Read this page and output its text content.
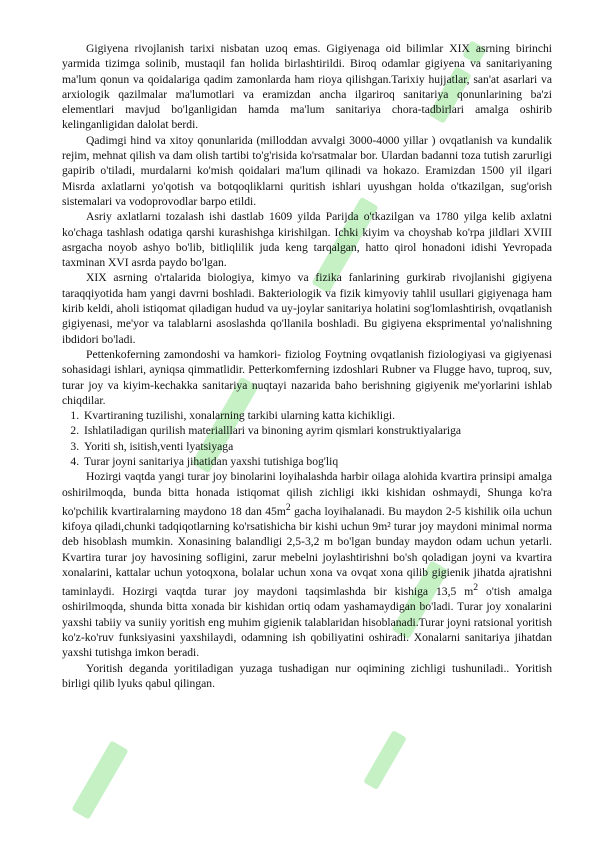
Gigiyena rivojlanish tarixi nisbatan uzoq emas. Gigiyenaga oid bilimlar XIX asrning birinchi yarmida tizimga solinib, mustaqil fan holida birlashtirildi. Biroq odamlar gigiyena va sanitariyaning ma'lum qonun va qoidalariga qadim zamonlarda ham rioya qilishgan.Tarixiy hujjatlar, san'at asarlari va arxiologik qazilmalar ma'lumotlari va eramizdan ancha ilgariroq sanitariya qonunlarining ba'zi elementlari mavjud bo'lganligidan hamda ma'lum sanitariya chora-tadbirlari amalga oshirib kelinganligidan dalolat berdi.

Qadimgi hind va xitoy qonunlarida (milloddan avvalgi 3000-4000 yillar ) ovqatlanish va kundalik rejim, mehnat qilish va dam olish tartibi to'g'risida ko'rsatmalar bor. Ulardan badanni toza tutish zarurligi gapirib o'tiladi, murdalarni ko'mish qoidalari ma'lum qilinadi va hokazo. Eramizdan 1500 yil ilgari Misrda axlatlarni yo'qotish va botqoqliklarni quritish ishlari uyushgan holda o'tkazilgan, sug'orish sistemalari va vodoprovodlar barpo etildi.

Asriy axlatlarni tozalash ishi dastlab 1609 yilda Parijda o'tkazilgan va 1780 yilga kelib axlatni ko'chaga tashlash odatiga qarshi kurashishga kirishilgan. Ichki kiyim va choyshab ko'rpa jildlari XVIII asrgacha noyob ashyo bo'lib, bitliqlilik juda keng tarqalgan, hatto qirol honadoni idishi Yevropada taxminan XVI asrda paydo bo'lgan.

XIX asrning o'rtalarida biologiya, kimyo va fizika fanlarining gurkirab rivojlanishi gigiyena taraqqiyotida ham yangi davrni boshladi. Bakteriologik va fizik kimyoviy tahlil usullari gigiyenaga ham kirib keldi, aholi istiqomat qiladigan hudud va uy-joylar sanitariya holatini sog'lomlashtirish, ovqatlanish gigiyenasi, me'yor va talablarni asoslashda qo'llanila boshladi. Bu gigiyena eksprimental yo'nalishning ibdidori bo'ladi.

Pettenkoferning zamondoshi va hamkori- fiziolog Foytning ovqatlanish fiziologiyasi va gigiyenasi sohasidagi ishlari, ayniqsa qimmatlidir. Petterkomferning izdoshlari Rubner va Flugge havo, tuproq, suv, turar joy va kiyim-kechakka sanitariya nuqtayi nazarida baho berishning gigiyenik me'yorlarini ishlab chiqdilar.

1. Kvartiraning tuzilishi, xonalarning tarkibi ularning katta kichikligi.
2. Ishlatiladigan qurilish materialllari va binoning ayrim qismlari konstruktiyalariga
3. Yoriti sh, isitish,venti lyatsiyaga
4. Turar joyni sanitariya jihatidan yaxshi tutishiga bog'liq

Hozirgi vaqtda yangi turar joy binolarini loyihalashda harbir oilaga alohida kvartira prinsipi amalga oshirilmoqda, bunda bitta honada istiqomat qilish zichligi ikki kishidan oshmaydi, Shunga ko'ra ko'pchilik kvartiralarning maydono 18 dan $45m^2$ gacha loyihalanadi. Bu maydon 2-5 kishilik oila uchun kifoya qiladi,chunki tadqiqotlarning ko'rsatishicha bir kishi uchun 9m² turar joy maydoni minimal norma deb hisoblash mumkin. Xonasining balandligi 2,5-3,2 m bo'lgan bunday maydon odam uchun yetarli. Kvartira turar joy havosining sofligini, zarur mebelni joylashtirishni bo'sh qoladigan joyni va kvartira xonalarini, kattalar uchun yotoqxona, bolalar uchun xona va ovqat xona qilib gigienik jihatda ajratishni taminlaydi. Hozirgi vaqtda turar joy maydoni taqsimlashda bir kishiga 13,5 $m^2$ o'tish amalga oshirilmoqda, shunda bitta xonada bir kishidan ortiq odam yashamaydigan bo'ladi. Turar joy xonalarini yaxshi tabiiy va suniiy yoritish eng muhim gigienik talablaridan hisoblanadi.Turar joyni ratsional yoritish ko'z-ko'ruv funksiyasini yaxshilaydi, odamning ish qobiliyatini oshiradi. Xonalarni sanitariya jihatdan yaxshi tutishga imkon beradi.

Yoritish deganda yoritiladigan yuzaga tushadigan nur oqimining zichligi tushuniladi.. Yoritish birligi qilib lyuks qabul qilingan.
